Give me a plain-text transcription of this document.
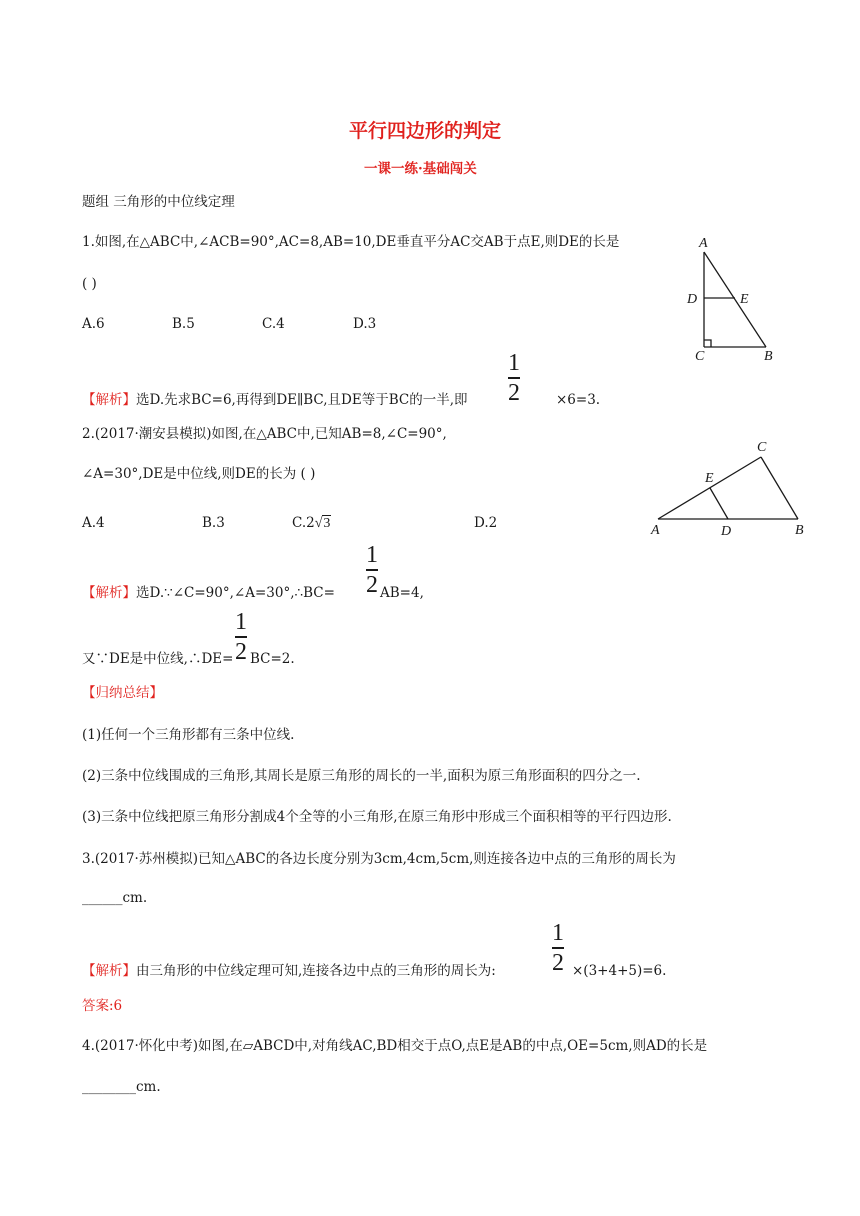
平行四边形的判定
一课一练·基础闯关
题组 三角形的中位线定理
1.如图,在△ABC中,∠ACB=90°,AC=8,AB=10,DE垂直平分AC交AB于点E,则DE的长是
( )
A.6	B.5	C.4	D.3
A
D	E
C	B
【解析】选D.先求BC=6,再得到DE∥BC,且DE等于BC的一半,即
1
2	×6=3.
2.(2017·潮安县模拟)如图,在△ABC中,已知AB=8,∠C=90°,
∠A=30°,DE是中位线,则DE的长为 ( )
A.4	B.3	C.2√3	D.2
C
E
A	D	B
【解析】选D.∵∠C=90°,∠A=30°,∴BC=
1
2 AB=4,
又∵DE是中位线,∴DE=
1
2 BC=2.
【归纳总结】
(1)任何一个三角形都有三条中位线.
(2)三条中位线围成的三角形,其周长是原三角形的周长的一半,面积为原三角形面积的四分之一.
(3)三条中位线把原三角形分割成4个全等的小三角形,在原三角形中形成三个面积相等的平行四边形.
3.(2017·苏州模拟)已知△ABC的各边长度分别为3cm,4cm,5cm,则连接各边中点的三角形的周长为
______cm.
【解析】由三角形的中位线定理可知,连接各边中点的三角形的周长为:
1
2 ×(3+4+5)=6.
答案:6
4.(2017·怀化中考)如图,在▱ABCD中,对角线AC,BD相交于点O,点E是AB的中点,OE=5cm,则AD的长是
________cm.
